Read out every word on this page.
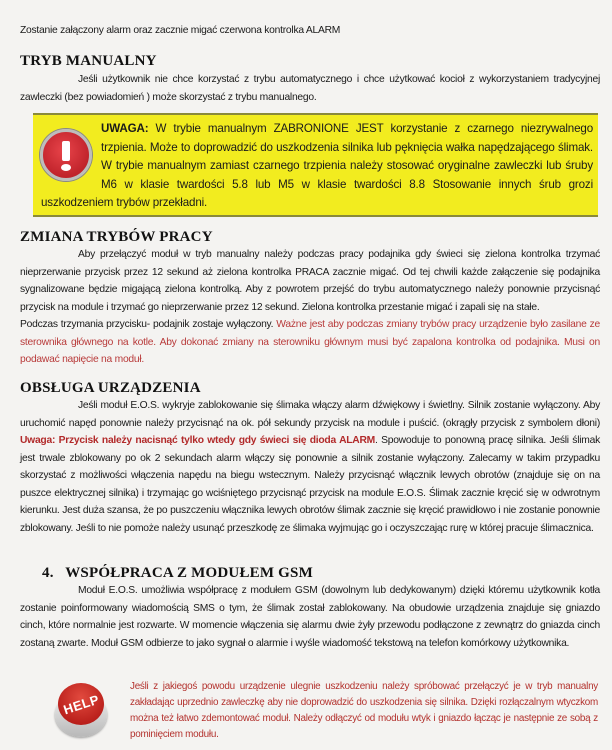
Zostanie załączony alarm oraz zacznie migać czerwona kontrolka ALARM
TRYB MANUALNY
Jeśli użytkownik nie chce korzystać z trybu automatycznego i chce użytkować kocioł z wykorzystaniem tradycyjnej zawleczki (bez powiadomień ) może skorzystać z trybu manualnego.
UWAGA: W trybie manualnym ZABRONIONE JEST korzystanie z czarnego niezrywalnego trzpienia. Może to doprowadzić do uszkodzenia silnika lub pęknięcia wałka napędzającego ślimak. W trybie manualnym zamiast czarnego trzpienia należy stosować oryginalne zawleczki lub śruby M6 w klasie twardości 5.8 lub M5 w klasie twardości 8.8 Stosowanie innych śrub grozi uszkodzeniem trybów przekładni.
ZMIANA TRYBÓW PRACY
Aby przełączyć moduł w tryb manualny należy podczas pracy podajnika gdy świeci się zielona kontrolka trzymać nieprzerwanie przycisk przez 12 sekund aż zielona kontrolka PRACA zacznie migać. Od tej chwili każde załączenie się podajnika sygnalizowane będzie migającą zielona kontrolką. Aby z powrotem przejść do trybu automatycznego należy ponownie przycisnąć przycisk na module i trzymać go nieprzerwanie przez 12 sekund. Zielona kontrolka przestanie migać i zapali się na stałe.
Podczas trzymania przycisku- podajnik zostaje wyłączony. Ważne jest aby podczas zmiany trybów pracy urządzenie było zasilane ze sterownika głównego na kotle. Aby dokonać zmiany na sterowniku głównym musi być zapalona kontrolka od podajnika. Musi on podawać napięcie na moduł.
OBSŁUGA URZĄDZENIA
Jeśli moduł E.O.S. wykryje zablokowanie się ślimaka włączy alarm dźwiękowy i świetlny. Silnik zostanie wyłączony. Aby uruchomić napęd ponownie należy przycisnąć na ok. pół sekundy przycisk na module i puścić. (okrągły przycisk z symbolem dłoni) Uwaga: Przycisk należy nacisnąć tylko wtedy gdy świeci się dioda ALARM. Spowoduje to ponowną pracę silnika. Jeśli ślimak jest trwale zblokowany po ok 2 sekundach alarm włączy się ponownie a silnik zostanie wyłączony. Zalecamy w takim przypadku skorzystać z możliwości włączenia napędu na biegu wstecznym. Należy przycisnąć włącznik lewych obrotów (znajduje się on na puszce elektrycznej silnika) i trzymając go wciśniętego przycisnąć przycisk na module E.O.S. Ślimak zacznie kręcić się w odwrotnym kierunku. Jest duża szansa, że po puszczeniu włącznika lewych obrotów ślimak zacznie się kręcić prawidłowo i nie zostanie ponownie zblokowany. Jeśli to nie pomoże należy usunąć przeszkodę ze ślimaka wyjmując go i oczyszczając rurę w której pracuje ślimacznica.
4.   WSPÓŁPRACA Z MODUŁEM GSM
Moduł E.O.S. umożliwia współpracę z modułem GSM (dowolnym lub dedykowanym) dzięki któremu użytkownik kotła zostanie poinformowany wiadomością SMS o tym, że ślimak został zablokowany. Na obudowie urządzenia znajduje się gniazdo cinch, które normalnie jest rozwarte. W momencie włączenia się alarmu dwie żyły przewodu podłączone z zewnątrz do gniazda cinch zostaną zwarte. Moduł GSM odbierze to jako sygnał o alarmie i wyśle wiadomość tekstową na telefon komórkowy użytkownika.
HELP
Jeśli z jakiegoś powodu urządzenie ulegnie uszkodzeniu należy spróbować przełączyć je w tryb manualny zakładając uprzednio zawleczkę aby nie doprowadzić do uszkodzenia się silnika. Dzięki rozłączalnym wtyczkom można też łatwo zdemontować moduł. Należy odłączyć od modułu wtyk i gniazdo łącząc je następnie ze sobą z pominięciem modułu.
